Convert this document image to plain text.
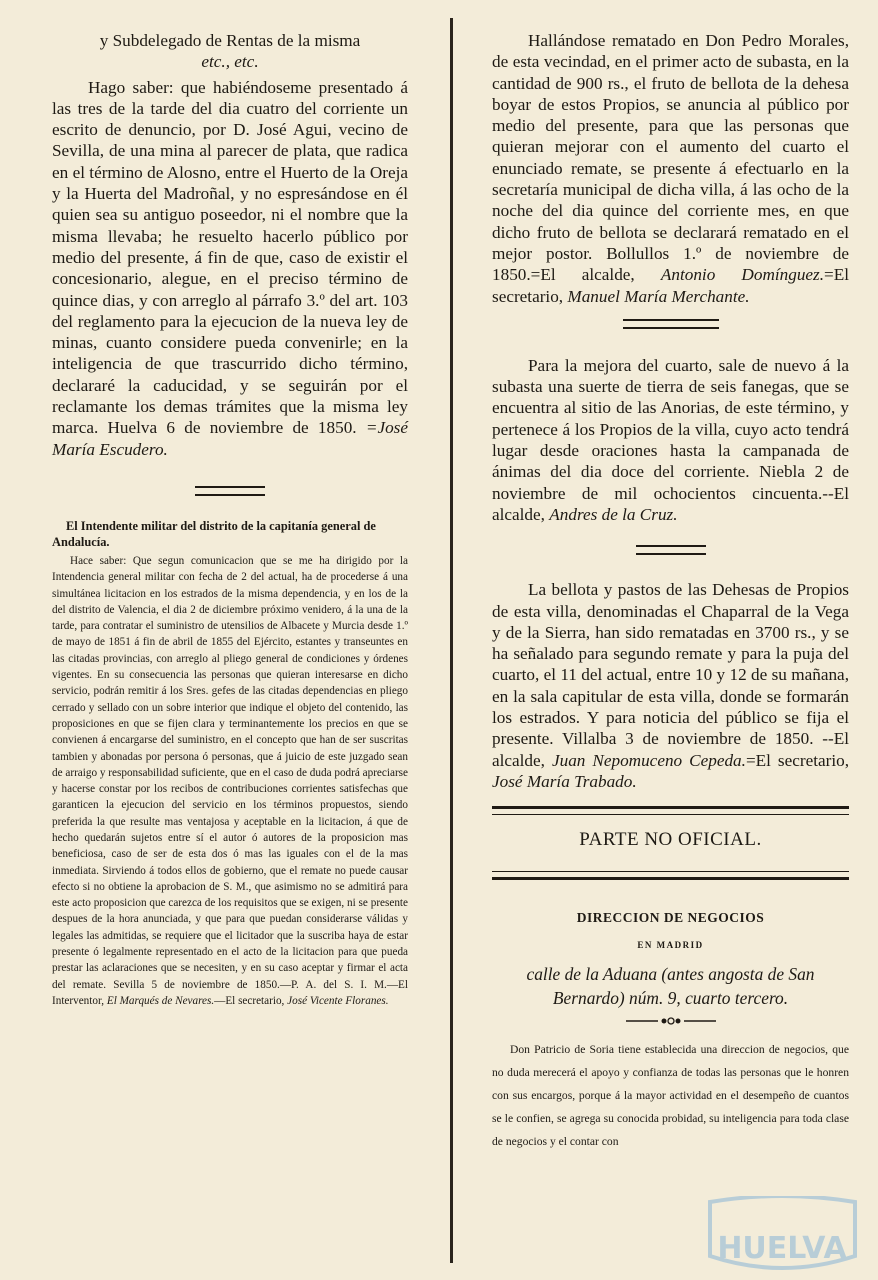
y Subdelegado de Rentas de la misma

etc., etc.

Hago saber: que habiéndoseme presentado á las tres de la tarde del dia cuatro del corriente un escrito de denuncio, por D. José Agui, vecino de Sevilla, de una mina al parecer de plata, que radica en el término de Alosno, entre el Huerto de la Oreja y la Huerta del Madroñal, y no espresándose en él quien sea su antiguo poseedor, ni el nombre que la misma llevaba; he resuelto hacerlo público por medio del presente, á fin de que, caso de existir el concesionario, alegue, en el preciso término de quince dias, y con arreglo al párrafo 3.º del art. 103 del reglamento para la ejecucion de la nueva ley de minas, cuanto considere pueda convenirle; en la inteligencia de que trascurrido dicho término, declararé la caducidad, y se seguirán por el reclamante los demas trámites que la misma ley marca. Huelva 6 de noviembre de 1850. =José María Escudero.

El Intendente militar del distrito de la capitanía general de Andalucía.

Hace saber: Que segun comunicacion que se me ha dirigido por la Intendencia general militar con fecha de 2 del actual, ha de procederse á una simultánea licitacion en los estrados de la misma dependencia, y en los de la del distrito de Valencia, el dia 2 de diciembre próximo venidero, á la una de la tarde, para contratar el suministro de utensilios de Albacete y Murcia desde 1.º de mayo de 1851 á fin de abril de 1855 del Ejército, estantes y transeuntes en las citadas provincias, con arreglo al pliego general de condiciones y órdenes vigentes. En su consecuencia las personas que quieran interesarse en dicho servicio, podrán remitir á los Sres. gefes de las citadas dependencias en pliego cerrado y sellado con un sobre interior que indique el objeto del contenido, las proposiciones en que se fijen clara y terminantemente los precios en que se convienen á encargarse del suministro, en el concepto que han de ser suscritas tambien y abonadas por persona ó personas, que á juicio de este juzgado sean de arraigo y responsabilidad suficiente, que en el caso de duda podrá apreciarse y hacerse constar por los recibos de contribuciones corrientes satisfechas que garanticen la ejecucion del servicio en los términos propuestos, siendo preferida la que resulte mas ventajosa y aceptable en la licitacion, á que de hecho quedarán sujetos entre sí el autor ó autores de la proposicion mas beneficiosa, caso de ser de esta dos ó mas las iguales con el de la mas inmediata. Sirviendo á todos ellos de gobierno, que el remate no puede causar efecto si no obtiene la aprobacion de S. M., que asimismo no se admitirá para este acto proposicion que carezca de los requisitos que se exigen, ni se presente despues de la hora anunciada, y que para que puedan considerarse válidas y legales las admitidas, se requiere que el licitador que la suscriba haya de estar presente ó legalmente representado en el acto de la licitacion para que pueda prestar las aclaraciones que se necesiten, y en su caso aceptar y firmar el acta del remate. Sevilla 5 de noviembre de 1850.—P. A. del S. I. M.—El Interventor, El Marqués de Nevares.—El secretario, José Vicente Floranes.

Hallándose rematado en Don Pedro Morales, de esta vecindad, en el primer acto de subasta, en la cantidad de 900 rs., el fruto de bellota de la dehesa boyar de estos Propios, se anuncia al público por medio del presente, para que las personas que quieran mejorar con el aumento del cuarto el enunciado remate, se presente á efectuarlo en la secretaría municipal de dicha villa, á las ocho de la noche del dia quince del corriente mes, en que dicho fruto de bellota se declarará rematado en el mejor postor. Bollullos 1.º de noviembre de 1850.=El alcalde, Antonio Domínguez.=El secretario, Manuel María Merchante.

Para la mejora del cuarto, sale de nuevo á la subasta una suerte de tierra de seis fanegas, que se encuentra al sitio de las Anorias, de este término, y pertenece á los Propios de la villa, cuyo acto tendrá lugar desde oraciones hasta la campanada de ánimas del dia doce del corriente. Niebla 2 de noviembre de mil ochocientos cincuenta.--El alcalde, Andres de la Cruz.

La bellota y pastos de las Dehesas de Propios de esta villa, denominadas el Chaparral de la Vega y de la Sierra, han sido rematadas en 3700 rs., y se ha señalado para segundo remate y para la puja del cuarto, el 11 del actual, entre 10 y 12 de su mañana, en la sala capitular de esta villa, donde se formarán los estrados. Y para noticia del público se fija el presente. Villalba 3 de noviembre de 1850. --El alcalde, Juan Nepomuceno Cepeda.=El secretario, José María Trabado.

PARTE NO OFICIAL.
DIRECCION DE NEGOCIOS
EN MADRID
calle de la Aduana (antes angosta de San Bernardo) núm. 9, cuarto tercero.

Don Patricio de Soria tiene establecida una direccion de negocios, que no duda merecerá el apoyo y confianza de todas las personas que le honren con sus encargos, porque á la mayor actividad en el desempeño de cuantos se le confien, se agrega su conocida probidad, su inteligencia para toda clase de negocios y el contar con

HUELVA
